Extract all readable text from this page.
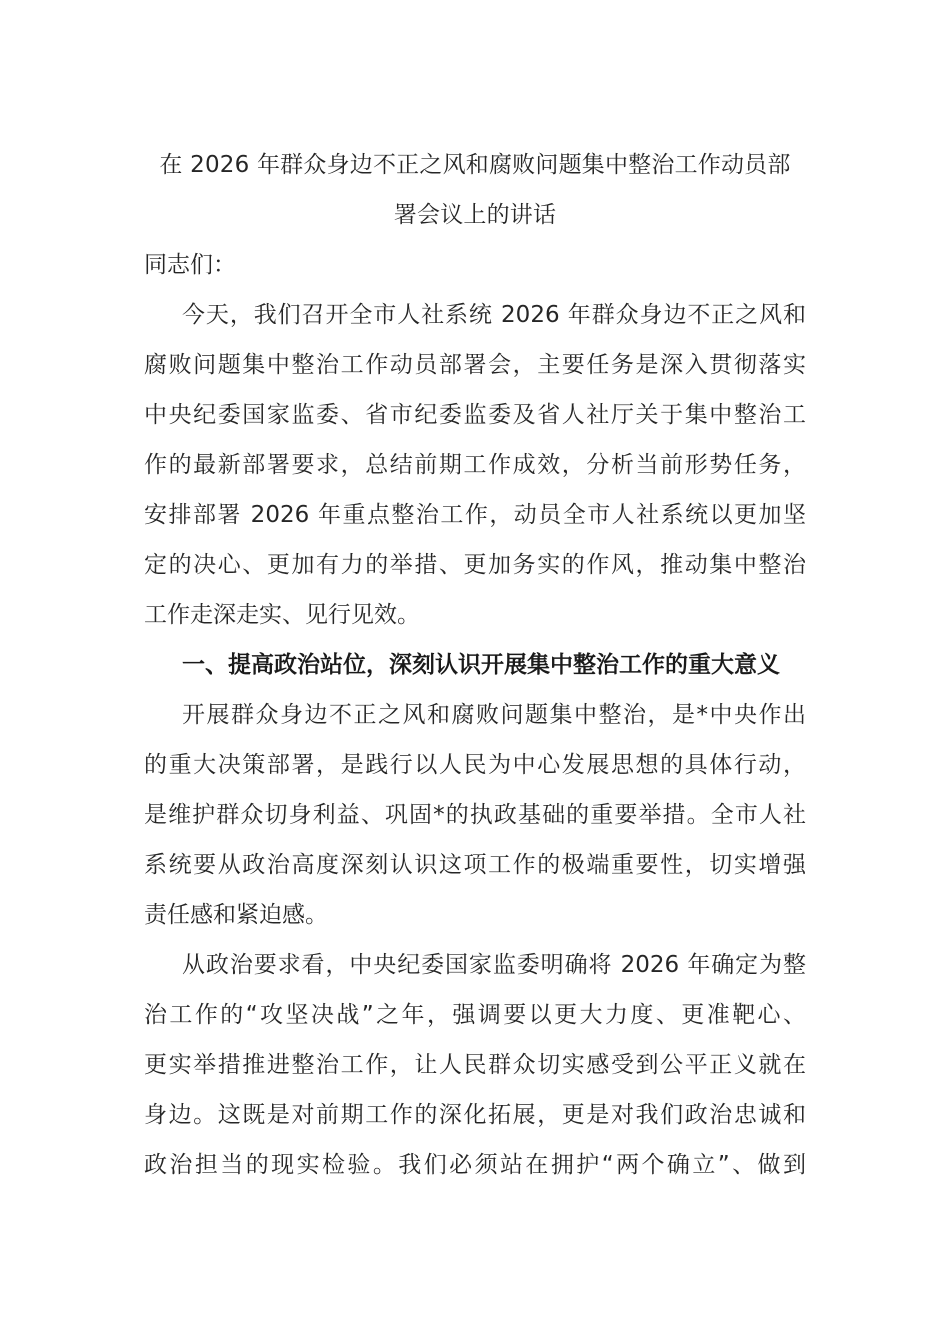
在 2026 年群众身边不正之风和腐败问题集中整治工作动员部
署会议上的讲话

同志们：

今天，我们召开全市人社系统 2026 年群众身边不正之风和
腐败问题集中整治工作动员部署会，主要任务是深入贯彻落实
中央纪委国家监委、省市纪委监委及省人社厅关于集中整治工
作的最新部署要求，总结前期工作成效，分析当前形势任务，
安排部署 2026 年重点整治工作，动员全市人社系统以更加坚
定的决心、更加有力的举措、更加务实的作风，推动集中整治
工作走深走实、见行见效。

一、提高政治站位，深刻认识开展集中整治工作的重大意义

开展群众身边不正之风和腐败问题集中整治，是*中央作出
的重大决策部署，是践行以人民为中心发展思想的具体行动，
是维护群众切身利益、巩固*的执政基础的重要举措。全市人社
系统要从政治高度深刻认识这项工作的极端重要性，切实增强
责任感和紧迫感。

从政治要求看，中央纪委国家监委明确将 2026 年确定为整
治工作的“攻坚决战”之年，强调要以更大力度、更准靶心、
更实举措推进整治工作，让人民群众切实感受到公平正义就在
身边。这既是对前期工作的深化拓展，更是对我们政治忠诚和
政治担当的现实检验。我们必须站在拥护“两个确立”、做到
